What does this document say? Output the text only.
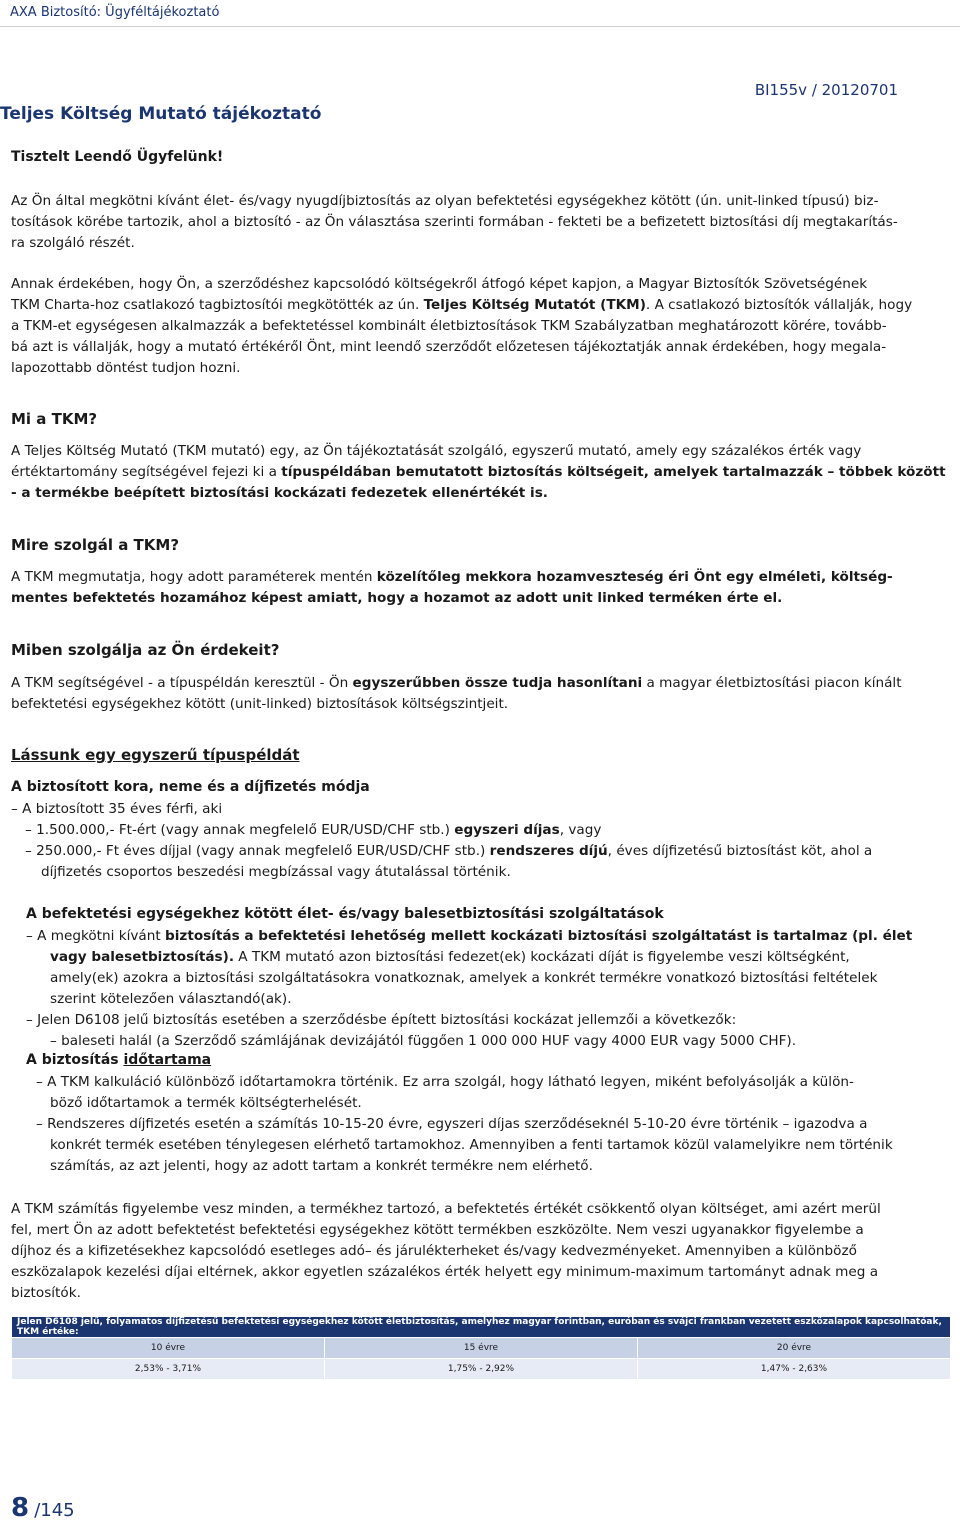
AXA Biztosító: Ügyféltájékoztató
BI155v / 20120701
Teljes Költség Mutató tájékoztató
Tisztelt Leendő Ügyfelünk!
Az Ön által megkötni kívánt élet- és/vagy nyugdíjbiztosítás az olyan befektetési egységekhez kötött (ún. unit-linked típusú) biz-
tosítások körébe tartozik, ahol a biztosító - az Ön választása szerinti formában - fekteti be a befizetett biztosítási díj megtakarítás-
ra szolgáló részét.
Annak érdekében, hogy Ön, a szerződéshez kapcsolódó költségekről átfogó képet kapjon, a Magyar Biztosítók Szövetségének
TKM Charta-hoz csatlakozó tagbiztosítói megkötötték az ún. Teljes Költség Mutatót (TKM). A csatlakozó biztosítók vállalják, hogy
a TKM-et egységesen alkalmazzák a befektetéssel kombinált életbiztosítások TKM Szabályzatban meghatározott körére, tovább-
bá azt is vállalják, hogy a mutató értékéről Önt, mint leendő szerződőt előzetesen tájékoztatják annak érdekében, hogy megala-
lapozottabb döntést tudjon hozni.
Mi a TKM?
A Teljes Költség Mutató (TKM mutató) egy, az Ön tájékoztatását szolgáló, egyszerű mutató, amely egy százalékos érték vagy
értéktartomány segítségével fejezi ki a típuspéldában bemutatott biztosítás költségeit, amelyek tartalmazzák – többek között
- a termékbe beépített biztosítási kockázati fedezetek ellenértékét is.
Mire szolgál a TKM?
A TKM megmutatja, hogy adott paraméterek mentén közelítőleg mekkora hozamveszteség éri Önt egy elméleti, költség-
mentes befektetés hozamához képest amiatt, hogy a hozamot az adott unit linked terméken érte el.
Miben szolgálja az Ön érdekeit?
A TKM segítségével - a típuspéldán keresztül - Ön egyszerűbben össze tudja hasonlítani a magyar életbiztosítási piacon kínált
befektetési egységekhez kötött (unit-linked) biztosítások költségszintjeit.
Lássunk egy egyszerű típuspéldát
A biztosított kora, neme és a díjfizetés módja
– A biztosított 35 éves férfi, aki
– 1.500.000,- Ft-ért (vagy annak megfelelő EUR/USD/CHF stb.) egyszeri díjas, vagy
– 250.000,- Ft éves díjjal (vagy annak megfelelő EUR/USD/CHF stb.) rendszeres díjú, éves díjfizetésű biztosítást köt, ahol a
díjfizetés csoportos beszedési megbízással vagy átutalással történik.
A befektetési egységekhez kötött élet- és/vagy balesetbiztosítási szolgáltatások
– A megkötni kívánt biztosítás a befektetési lehetőség mellett kockázati biztosítási szolgáltatást is tartalmaz (pl. élet
vagy balesetbiztosítás). A TKM mutató azon biztosítási fedezet(ek) kockázati díját is figyelembe veszi költségként,
amely(ek) azokra a biztosítási szolgáltatásokra vonatkoznak, amelyek a konkrét termékre vonatkozó biztosítási feltételek
szerint kötelezően választandó(ak).
– Jelen D6108 jelű biztosítás esetében a szerződésbe épített biztosítási kockázat jellemzői a következők:
– baleseti halál (a Szerződő számlájának devizájától függően 1 000 000 HUF vagy 4000 EUR vagy 5000 CHF).
A biztosítás időtartama
– A TKM kalkuláció különböző időtartamokra történik. Ez arra szolgál, hogy látható legyen, miként befolyásolják a külön-
böző időtartamok a termék költségterhelését.
– Rendszeres díjfizetés esetén a számítás 10-15-20 évre, egyszeri díjas szerződéseknél 5-10-20 évre történik – igazodva a
konkrét termék esetében ténylegesen elérhető tartamokhoz. Amennyiben a fenti tartamok közül valamelyikre nem történik
számítás, az azt jelenti, hogy az adott tartam a konkrét termékre nem elérhető.
A TKM számítás figyelembe vesz minden, a termékhez tartozó, a befektetés értékét csökkentő olyan költséget, ami azért merül
fel, mert Ön az adott befektetést befektetési egységekhez kötött termékben eszközölte. Nem veszi ugyanakkor figyelembe a
díjhoz és a kifizetésekhez kapcsolódó esetleges adó– és járulékterheket és/vagy kedvezményeket. Amennyiben a különböző
eszközalapok kezelési díjai eltérnek, akkor egyetlen százalékos érték helyett egy minimum-maximum tartományt adnak meg a
biztosítók.
Jelen D6108 jelű, folyamatos díjfizetésű befektetési egységekhez kötött életbiztosítás, amelyhez magyar forintban, euróban és svájci frankban vezetett eszközalapok kapcsolhatóak, TKM értéke:		
10 évre	15 évre	20 évre
2,53% - 3,71%	1,75% - 2,92%	1,47% - 2,63%
8 /145
